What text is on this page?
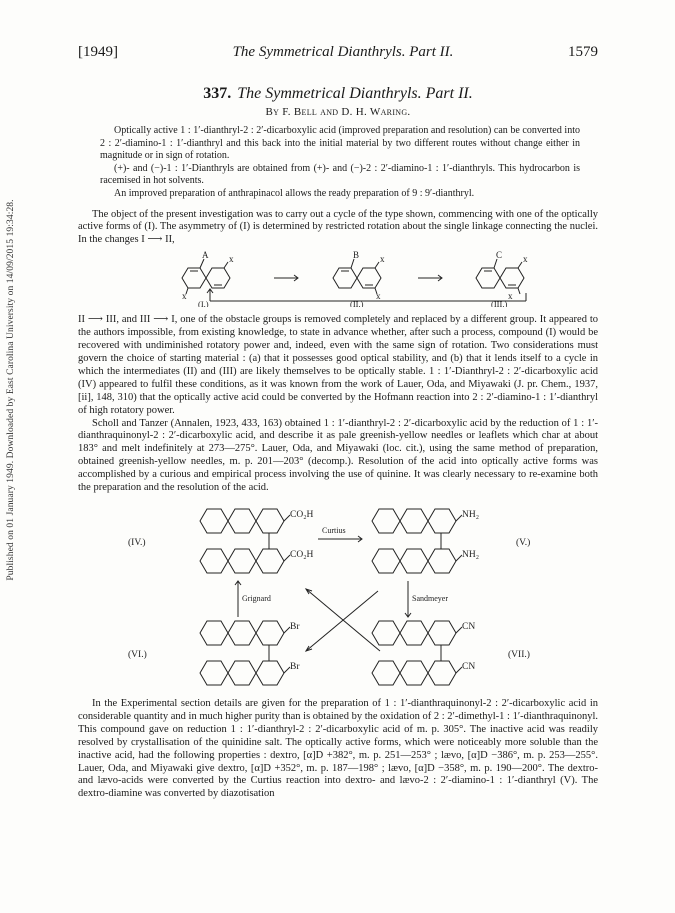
Published on 01 January 1949. Downloaded by East Carolina University on 14/09/2015 19:34:28.
[1949]	The Symmetrical Dianthryls. Part II.	1579
337. The Symmetrical Dianthryls. Part II.
By F. Bell and D. H. Waring.

Optically active 1 : 1′-dianthryl-2 : 2′-dicarboxylic acid (improved preparation and resolution) can be converted into 2 : 2′-diamino-1 : 1′-dianthryl and this back into the initial material by two different routes without change either in magnitude or in sign of rotation.

(+)- and (−)-1 : 1′-Dianthryls are obtained from (+)- and (−)-2 : 2′-diamino-1 : 1′-dianthryls. This hydrocarbon is racemised in hot solvents.

An improved preparation of anthrapinacol allows the ready preparation of 9 : 9′-dianthryl.

The object of the present investigation was to carry out a cycle of the type shown, commencing with one of the optically active forms of (I). The asymmetry of (I) is determined by restricted rotation about the single linkage connecting the nuclei. In the changes I ⟶ II,

A x
x
B x
x
C x
x
(I.)	(II.)	(III.)

II ⟶ III, and III ⟶ I, one of the obstacle groups is removed completely and replaced by a different group. It appeared to the authors impossible, from existing knowledge, to state in advance whether, after such a process, compound (I) would be recovered with undiminished rotatory power and, indeed, even with the same sign of rotation. Two considerations must govern the choice of starting material : (a) that it possesses good optical stability, and (b) that it lends itself to a cycle in which the intermediates (II) and (III) are likely themselves to be optically stable. 1 : 1′-Dianthryl-2 : 2′-dicarboxylic acid (IV) appeared to fulfil these conditions, as it was known from the work of Lauer, Oda, and Miyawaki (J. pr. Chem., 1937, [ii], 148, 310) that the optically active acid could be converted by the Hofmann reaction into 2 : 2′-diamino-1 : 1′-dianthryl of high rotatory power.

Scholl and Tanzer (Annalen, 1923, 433, 163) obtained 1 : 1′-dianthryl-2 : 2′-dicarboxylic acid by the reduction of 1 : 1′-dianthraquinonyl-2 : 2′-dicarboxylic acid, and describe it as pale greenish-yellow needles or leaflets which char at about 183° and melt indefinitely at 273—275°. Lauer, Oda, and Miyawaki (loc. cit.), using the same method of preparation, obtained greenish-yellow needles, m. p. 201—203° (decomp.). Resolution of the acid into optically active forms was accomplished by a curious and empirical process involving the use of quinine. It was clearly necessary to re-examine both the preparation and the resolution of the acid.

CO₂H
CO₂H
NH₂
NH₂
Br
Br
CN
CN
(IV.)	(V.)
(VI.)	(VII.)
Curtius
Grignard	Sandmeyer

In the Experimental section details are given for the preparation of 1 : 1′-dianthraquinonyl-2 : 2′-dicarboxylic acid in considerable quantity and in much higher purity than is obtained by the oxidation of 2 : 2′-dimethyl-1 : 1′-dianthraquinonyl. This compound gave on reduction 1 : 1′-dianthryl-2 : 2′-dicarboxylic acid of m. p. 305°. The inactive acid was readily resolved by crystallisation of the quinidine salt. The optically active forms, which were noticeably more soluble than the inactive acid, had the following properties : dextro, [α]D +382°, m. p. 251—253° ; lævo, [α]D −386°, m. p. 253—255°. Lauer, Oda, and Miyawaki give dextro, [α]D +352°, m. p. 187—198° ; lævo, [α]D −358°, m. p. 190—200°. The dextro- and lævo-acids were converted by the Curtius reaction into dextro- and lævo-2 : 2′-diamino-1 : 1′-dianthryl (V). The dextro-diamine was converted by diazotisation
